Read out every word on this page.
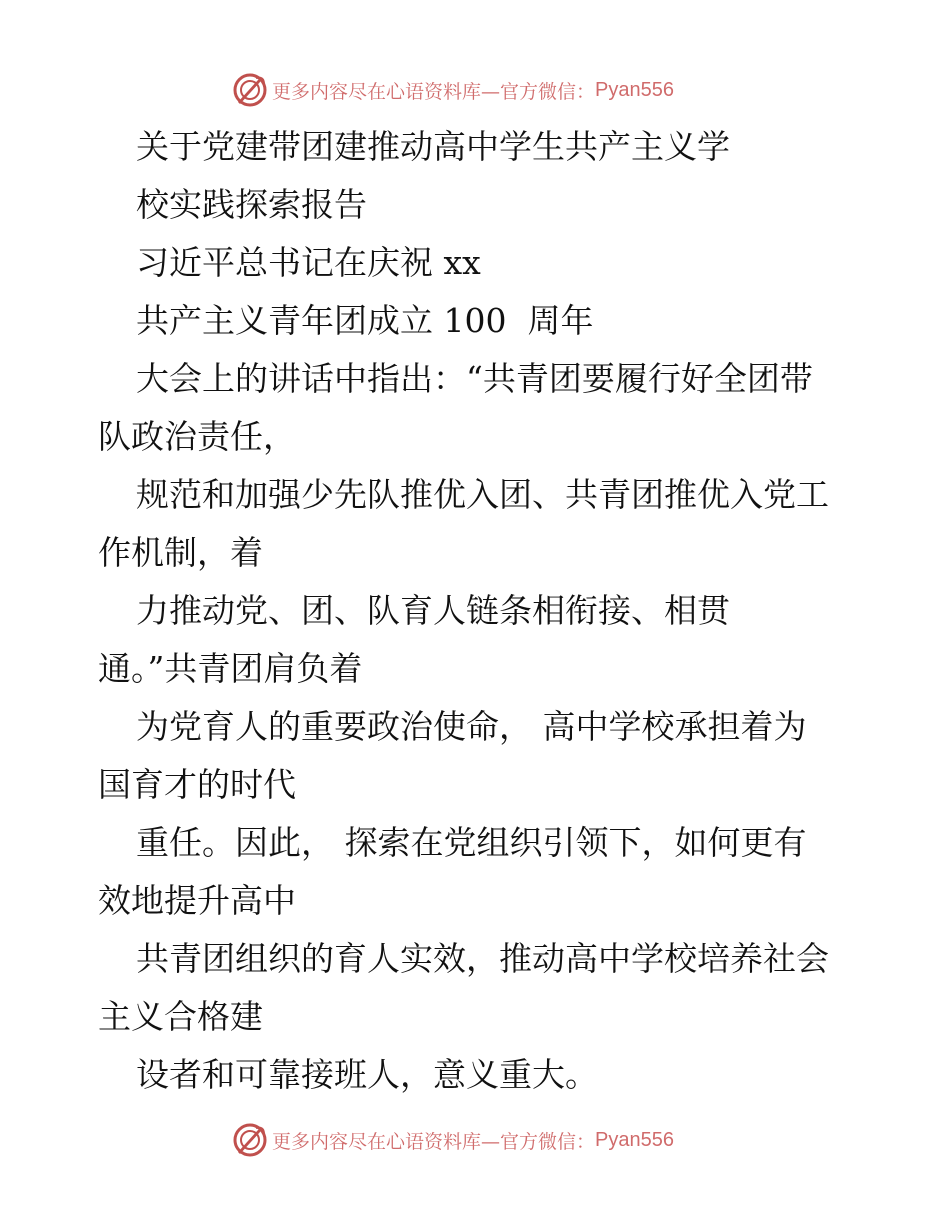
更多内容尽在心语资料库—官方微信： Pyan556

关于党建带团建推动高中学生共产主义学

校实践探索报告

习近平总书记在庆祝 xx

共产主义青年团成立 100  周年

大会上的讲话中指出：“共青团要履行好全团带

队政治责任，

规范和加强少先队推优入团、共青团推优入党工

作机制，着

力推动党、团、队育人链条相衔接、相贯

通。”共青团肩负着

为党育人的重要政治使命， 高中学校承担着为

国育才的时代

重任。因此， 探索在党组织引领下，如何更有

效地提升高中

共青团组织的育人实效，推动高中学校培养社会

主义合格建

设者和可靠接班人，意义重大。

更多内容尽在心语资料库—官方微信： Pyan556
